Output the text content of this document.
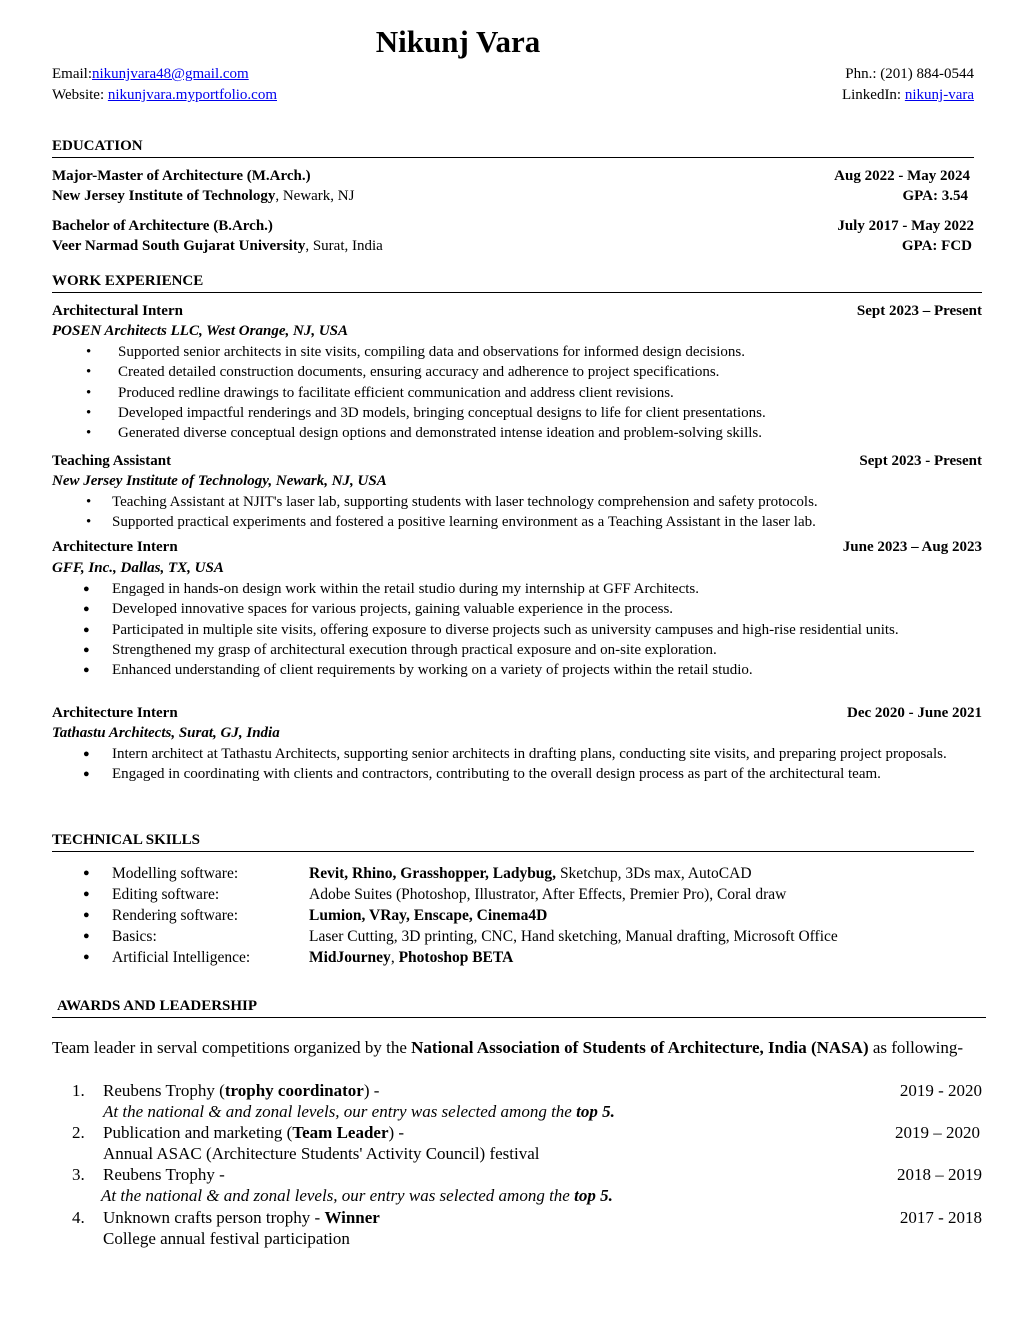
Nikunj Vara
Email:nikunjvara48@gmail.com	Phn.: (201) 884-0544
Website: nikunjvara.myportfolio.com	LinkedIn: nikunj-vara
EDUCATION
Major-Master of Architecture (M.Arch.)	Aug 2022 - May 2024
New Jersey Institute of Technology, Newark, NJ	GPA: 3.54
Bachelor of Architecture (B.Arch.)	July 2017 - May 2022
Veer Narmad South Gujarat University, Surat, India	GPA: FCD
WORK EXPERIENCE
Architectural Intern	Sept 2023 – Present
POSEN Architects LLC, West Orange, NJ, USA
• Supported senior architects in site visits, compiling data and observations for informed design decisions.
• Created detailed construction documents, ensuring accuracy and adherence to project specifications.
• Produced redline drawings to facilitate efficient communication and address client revisions.
• Developed impactful renderings and 3D models, bringing conceptual designs to life for client presentations.
• Generated diverse conceptual design options and demonstrated intense ideation and problem-solving skills.
Teaching Assistant	Sept 2023 - Present
New Jersey Institute of Technology, Newark, NJ, USA
• Teaching Assistant at NJIT's laser lab, supporting students with laser technology comprehension and safety protocols.
• Supported practical experiments and fostered a positive learning environment as a Teaching Assistant in the laser lab.
Architecture Intern	June 2023 – Aug 2023
GFF, Inc., Dallas, TX, USA
● Engaged in hands-on design work within the retail studio during my internship at GFF Architects.
● Developed innovative spaces for various projects, gaining valuable experience in the process.
● Participated in multiple site visits, offering exposure to diverse projects such as university campuses and high-rise residential units.
● Strengthened my grasp of architectural execution through practical exposure and on-site exploration.
● Enhanced understanding of client requirements by working on a variety of projects within the retail studio.
Architecture Intern	Dec 2020 - June 2021
Tathastu Architects, Surat, GJ, India
● Intern architect at Tathastu Architects, supporting senior architects in drafting plans, conducting site visits, and preparing project proposals.
● Engaged in coordinating with clients and contractors, contributing to the overall design process as part of the architectural team.
TECHNICAL SKILLS
● Modelling software:	Revit, Rhino, Grasshopper, Ladybug, Sketchup, 3Ds max, AutoCAD
● Editing software:	Adobe Suites (Photoshop, Illustrator, After Effects, Premier Pro), Coral draw
● Rendering software:	Lumion, VRay, Enscape, Cinema4D
● Basics:	Laser Cutting, 3D printing, CNC, Hand sketching, Manual drafting, Microsoft Office
● Artificial Intelligence:	MidJourney, Photoshop BETA
AWARDS AND LEADERSHIP
Team leader in serval competitions organized by the National Association of Students of Architecture, India (NASA) as following-
1. Reubens Trophy (trophy coordinator) -	2019 - 2020
At the national & and zonal levels, our entry was selected among the top 5.
2. Publication and marketing (Team Leader) -	2019 – 2020
Annual ASAC (Architecture Students' Activity Council) festival
3. Reubens Trophy -	2018 – 2019
At the national & and zonal levels, our entry was selected among the top 5.
4. Unknown crafts person trophy - Winner	2017 - 2018
College annual festival participation
